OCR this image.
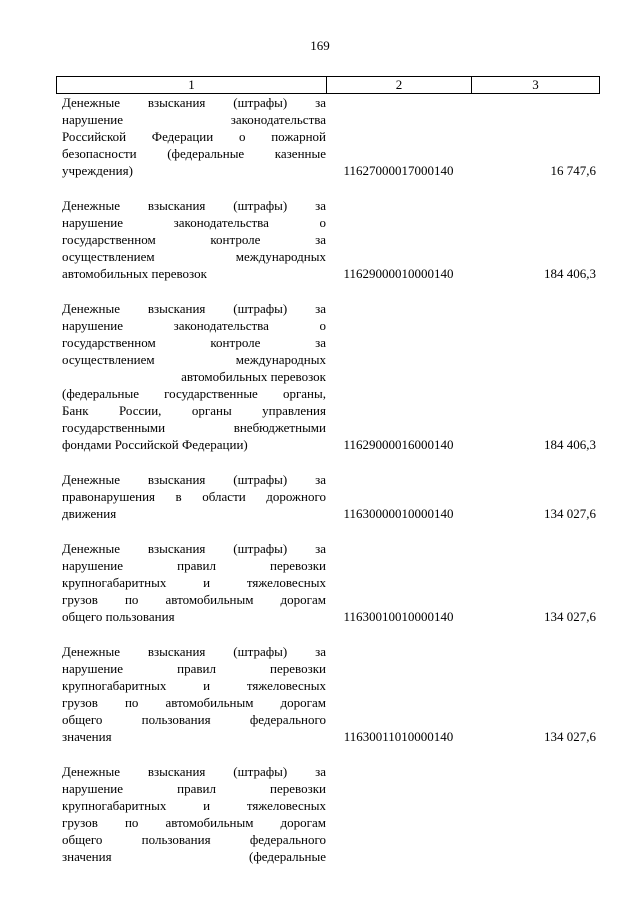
169
1	2	3
Денежные взыскания (штрафы) за
нарушение законодательства
Российской Федерации о пожарной
безопасности (федеральные казенные
учреждения)	11627000017000140	16 747,6
Денежные взыскания (штрафы) за
нарушение законодательства о
государственном контроле за
осуществлением международных
автомобильных перевозок	11629000010000140	184 406,3
Денежные взыскания (штрафы) за
нарушение законодательства о
государственном контроле за
осуществлением международных
автомобильных перевозок
(федеральные государственные органы,
Банк России, органы управления
государственными внебюджетными
фондами Российской Федерации)	11629000016000140	184 406,3
Денежные взыскания (штрафы) за
правонарушения в области дорожного
движения	11630000010000140	134 027,6
Денежные взыскания (штрафы) за
нарушение правил перевозки
крупногабаритных и тяжеловесных
грузов по автомобильным дорогам
общего пользования	11630010010000140	134 027,6
Денежные взыскания (штрафы) за
нарушение правил перевозки
крупногабаритных и тяжеловесных
грузов по автомобильным дорогам
общего пользования федерального
значения	11630011010000140	134 027,6
Денежные взыскания (штрафы) за
нарушение правил перевозки
крупногабаритных и тяжеловесных
грузов по автомобильным дорогам
общего пользования федерального
значения (федеральные
